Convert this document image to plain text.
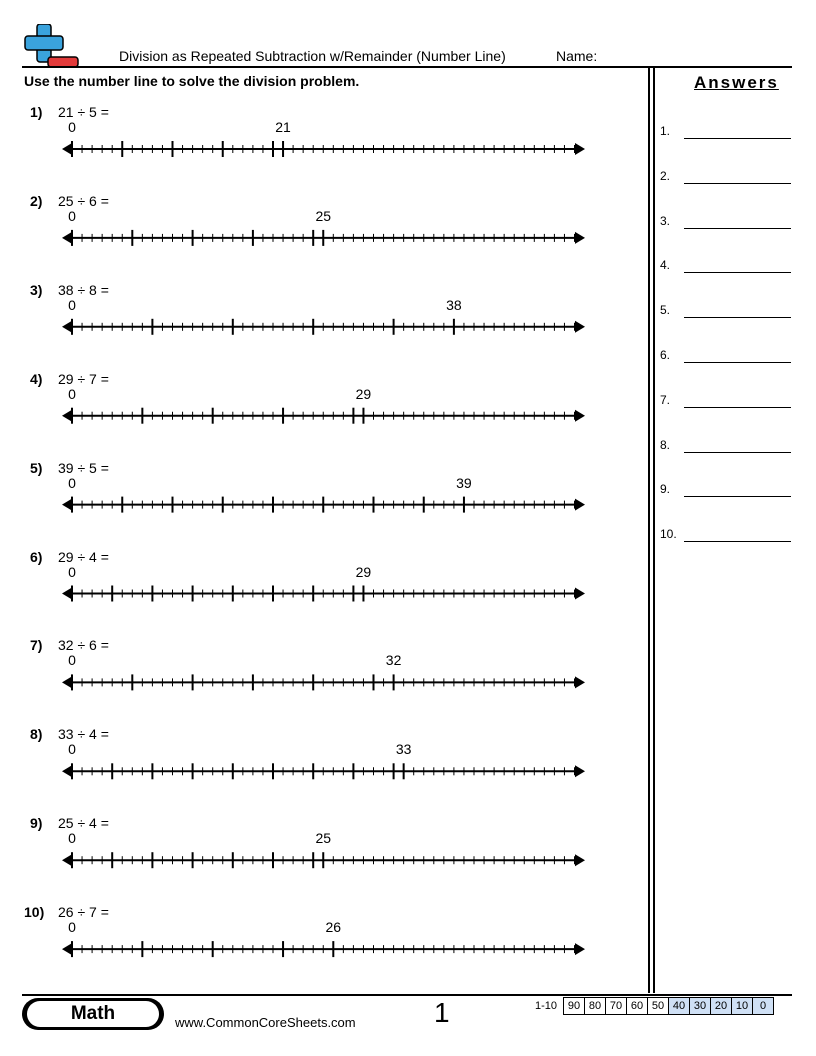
Division as Repeated Subtraction w/Remainder (Number Line)	Name:
Use the number line to solve the division problem.	Answers
1.
2.
3.
4.
5.
6.
7.
8.
9.
10.
1) 21 ÷ 5 =
0	21
2) 25 ÷ 6 =
0	25
3) 38 ÷ 8 =
0	38
4) 29 ÷ 7 =
0	29
5) 39 ÷ 5 =
0	39
6) 29 ÷ 4 =
0	29
7) 32 ÷ 6 =
0	32
8) 33 ÷ 4 =
0	33
9) 25 ÷ 4 =
0	25
10) 26 ÷ 7 =
0	26
Math	www.CommonCoreSheets.com	1	1-10	90	80	70	60	50	40	30	20	10	0
